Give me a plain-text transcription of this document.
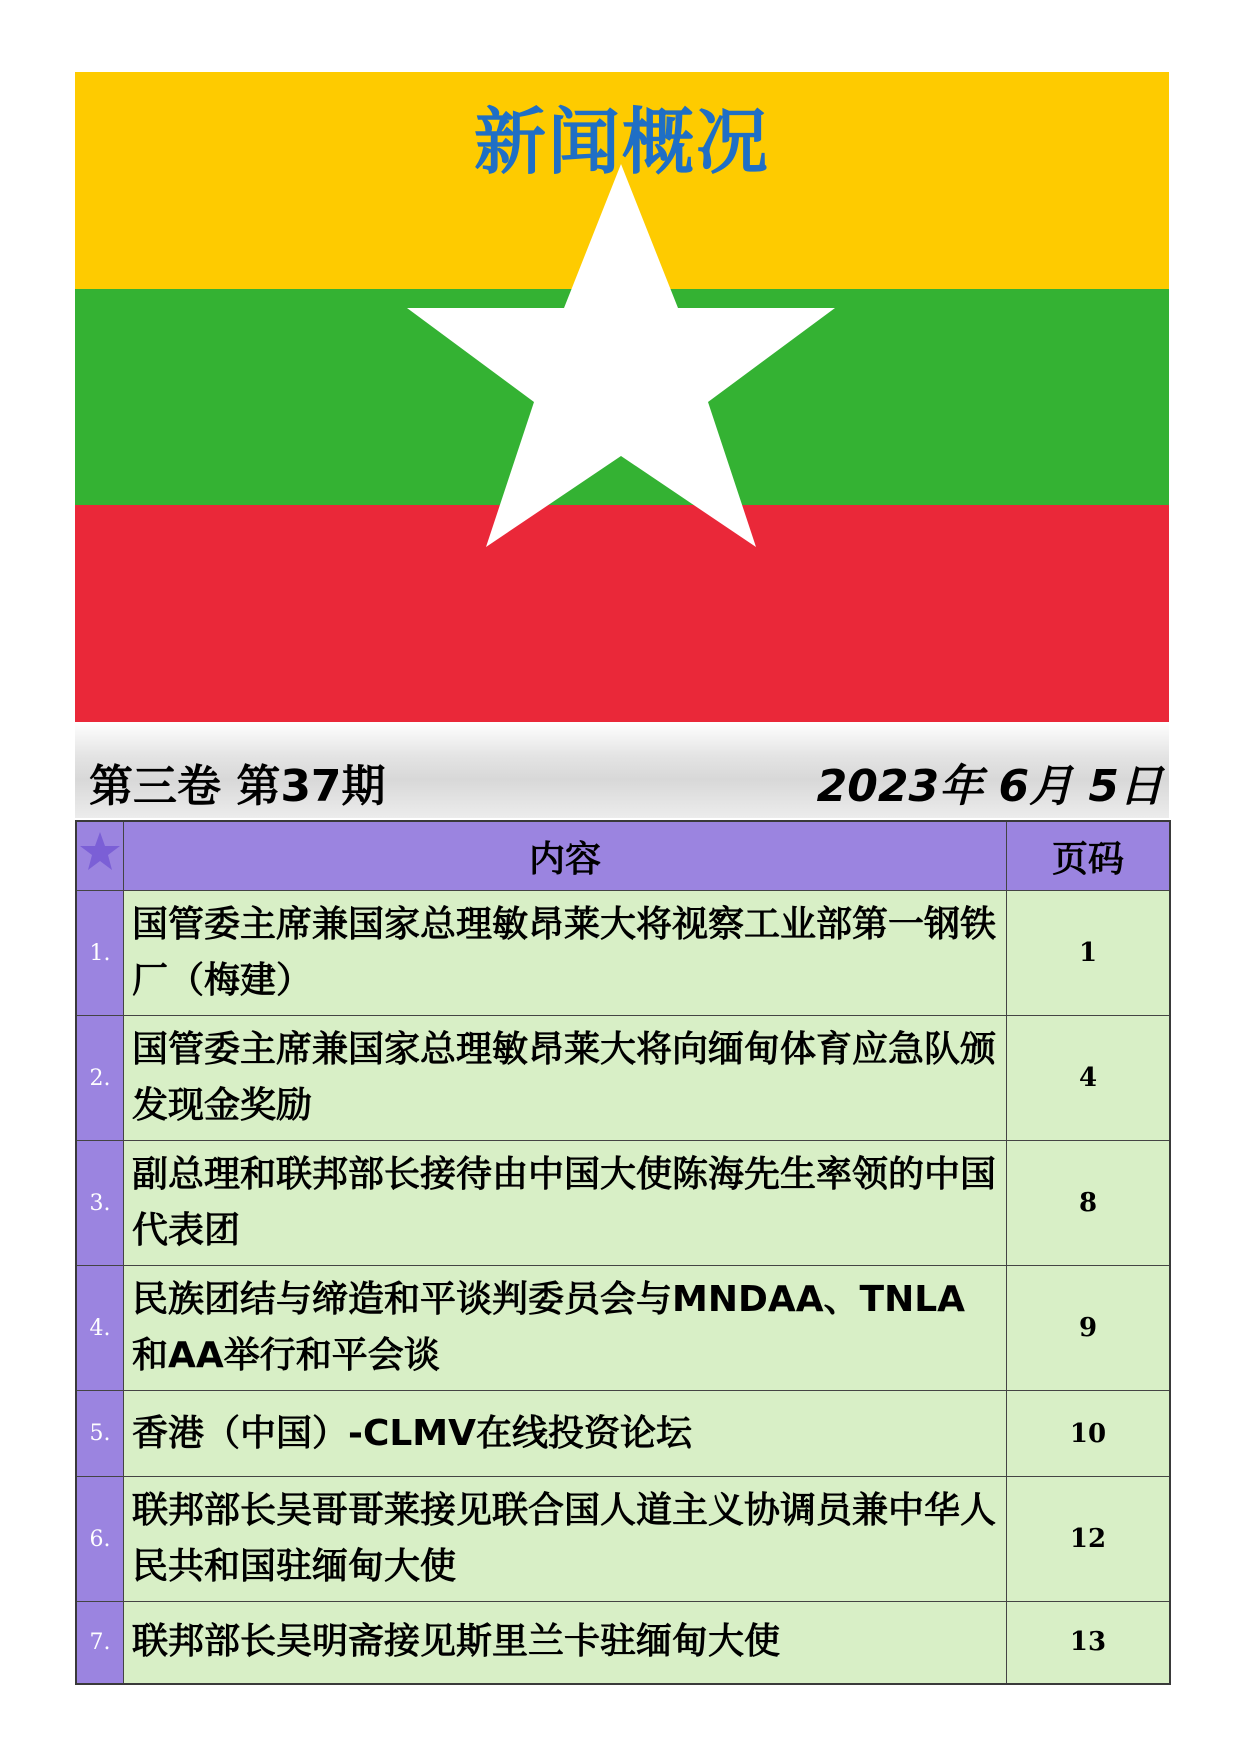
新闻概况
第三卷 第37期	2023年 6月 5日
	内容	页码
1.	国管委主席兼国家总理敏昂莱大将视察工业部第一钢铁厂（梅建）	1
2.	国管委主席兼国家总理敏昂莱大将向缅甸体育应急队颁发现金奖励	4
3.	副总理和联邦部长接待由中国大使陈海先生率领的中国代表团	8
4.	民族团结与缔造和平谈判委员会与MNDAA、TNLA和AA举行和平会谈	9
5.	香港（中国）-CLMV在线投资论坛	10
6.	联邦部长吴哥哥莱接见联合国人道主义协调员兼中华人民共和国驻缅甸大使	12
7.	联邦部长吴明斋接见斯里兰卡驻缅甸大使	13
